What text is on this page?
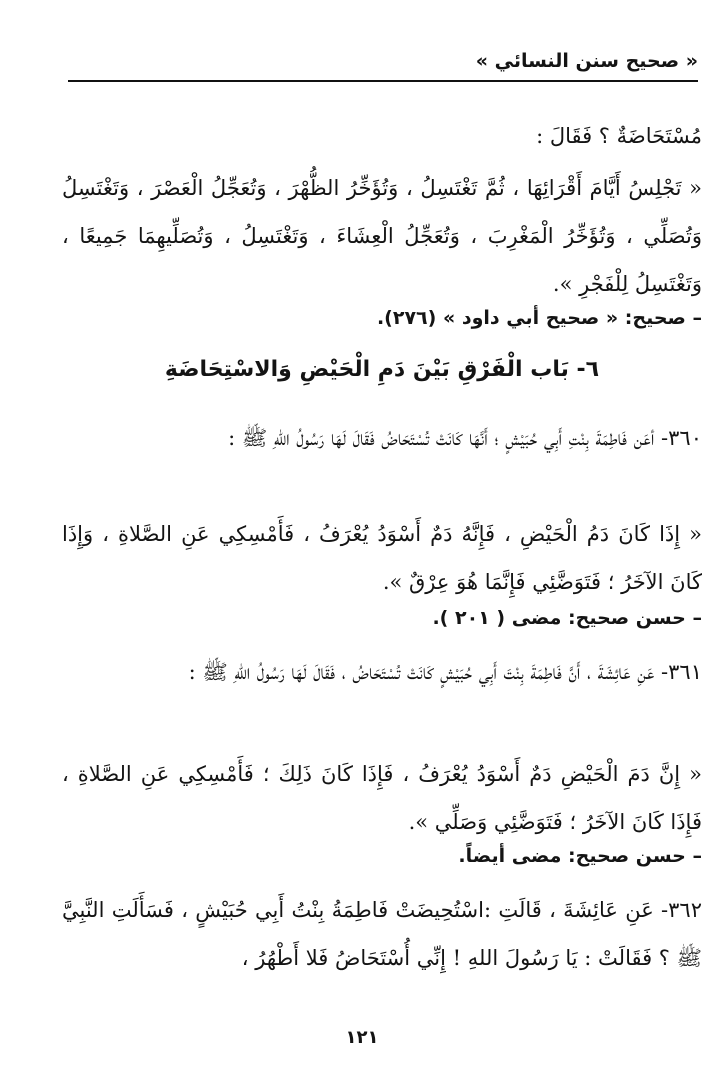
« صحيح سنن النسائي »
مُسْتَحَاضَةٌ ؟ فَقَالَ :
« تَجْلِسُ أَيَّامَ أَقْرَائِهَا ، ثُمَّ تَغْتَسِلُ ، وَتُؤَخِّرُ الظُّهْرَ ، وَتُعَجِّلُ الْعَصْرَ ، وَتَغْتَسِلُ وَتُصَلِّي ، وَتُؤَخِّرُ الْمَغْرِبَ ، وَتُعَجِّلُ الْعِشَاءَ ، وَتَغْتَسِلُ ، وَتُصَلِّيهِمَا جَمِيعًا ، وَتَغْتَسِلُ لِلْفَجْرِ ».
– صحيح: « صحيح أبي داود » (٢٧٦).
٦- بَاب الْفَرْقِ بَيْنَ دَمِ الْحَيْضِ وَالاسْتِحَاضَةِ
٣٦٠- أعَن فَاطِمَةَ بِنْتِ أَبِي حُبَيْشٍ ؛ أَنَّهَا كَانَتْ تُسْتَحَاضُ فَقَالَ لَهَا رَسُولُ اللهِ ﷺ :
« إِذَا كَانَ دَمُ الْحَيْضِ ، فَإِنَّهُ دَمٌ أَسْوَدُ يُعْرَفُ ، فَأَمْسِكِي عَنِ الصَّلاةِ ، وَإِذَا كَانَ الآخَرُ ؛ فَتَوَضَّئِي فَإِنَّمَا هُوَ عِرْقٌ ».
– حسن صحيح: مضى ( ٢٠١ ).
٣٦١- عَنِ عَائِشَةَ ، أَنَّ فَاطِمَةَ بِنْتَ أَبِي حُبَيْشٍ كَانَتْ تُسْتَحَاضُ ، فَقَالَ لَهَا رَسُولُ اللهِ ﷺ :
« إِنَّ دَمَ الْحَيْضِ دَمٌ أَسْوَدُ يُعْرَفُ ، فَإِذَا كَانَ ذَلِكَ ؛ فَأَمْسِكِي عَنِ الصَّلاةِ ، فَإِذَا كَانَ الآخَرُ ؛ فَتَوَضَّئِي وَصَلِّي ».
– حسن صحيح: مضى أيضاً.
٣٦٢- عَنِ عَائِشَةَ ، قَالَتِ :اسْتُحِيضَتْ فَاطِمَةُ بِنْتُ أَبِي حُبَيْشٍ ، فَسَأَلَتِ النَّبِيَّ ﷺ ؟ فَقَالَتْ : يَا رَسُولَ اللهِ ! إِنِّي أُسْتَحَاضُ فَلا أَطْهُرُ ،
١٢١
